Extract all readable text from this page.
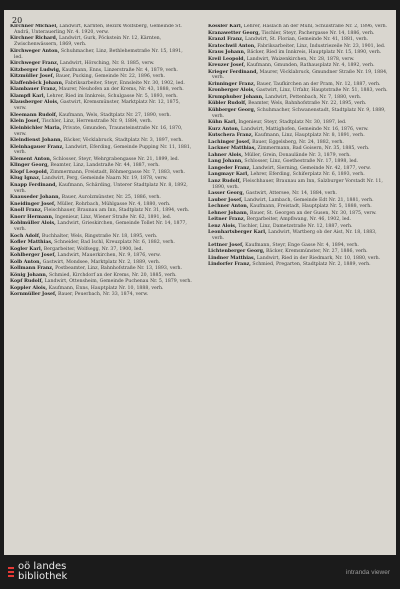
20

Kirchner Michael, Landwirt, Kärnten, Bezirk Wolfsberg, Gemeinde St. Andrä, Unterauerling Nr. 4. 1920, verw.

Kirchner Richard, Landwirt, Gurk, Pöckstein Nr. 12, Kärnten, Zwischenwässern, 1869, verh.

Kirchweger Anton, Schuhmacher, Linz, Bethlehemstraße Nr. 15, 1891, led.

Kirchweger Franz, Landwirt, Hörsching, Nr. 8. 1885, verw.

Kitzberger Ludwig, Kaufmann, Enns, Linzerstraße Nr. 4, 1879, verh.

Kitzmüller Josef, Bauer, Pucking, Gemeinde Nr. 22, 1896, verh.

Klaffenböck Johann, Fabriksarbeiter, Steyr, Ennsleite Nr. 30, 1902, led.

Klambauer Franz, Maurer, Neuhofen an der Krems, Nr. 43, 1888, verh.

Klampfl Karl, Lehrer, Ried im Innkreis, Schulgasse Nr. 5, 1893, verh.

Klausberger Alois, Gastwirt, Kremsmünster, Marktplatz Nr. 12, 1875, verw.

Kleemann Rudolf, Kaufmann, Wels, Stadtplatz Nr. 27, 1890, verh.

Klein Josef, Tischler, Linz, Herrenstraße Nr. 9, 1884, verh.

Kleinbichler Maria, Private, Gmunden, Traunsteinstraße Nr. 16, 1870, verw.

Kleindienst Johann, Bäcker, Vöcklabruck, Stadtplatz Nr. 3, 1897, verh.

Kleinhagauer Franz, Landwirt, Eferding, Gemeinde Pupping Nr. 11, 1881, verh.

Klement Anton, Schlosser, Steyr, Wehrgrabengasse Nr. 21, 1899, led.

Klinger Georg, Beamter, Linz, Landstraße Nr. 44, 1887, verh.

Klopf Leopold, Zimmermann, Freistadt, Böhmergasse Nr. 7, 1883, verh.

Klug Ignaz, Landwirt, Perg, Gemeinde Naarn Nr. 19, 1878, verw.

Knapp Ferdinand, Kaufmann, Schärding, Unterer Stadtplatz Nr. 8, 1892, verh.

Knauseder Johann, Bauer, Aurolzmünster, Nr. 25, 1886, verh.

Kneidinger Josef, Müller, Rohrbach, Mühlgasse Nr. 4, 1880, verh.

Knoll Franz, Fleischhauer, Braunau am Inn, Stadtplatz Nr. 31, 1894, verh.

Knorr Hermann, Ingenieur, Linz, Wiener Straße Nr. 62, 1891, led.

Koblmüller Alois, Landwirt, Grieskirchen, Gemeinde Tollet Nr. 14, 1877, verh.

Koch Adolf, Buchhalter, Wels, Ringstraße Nr. 18, 1895, verh.

Kofler Matthias, Schneider, Bad Ischl, Kreuzplatz Nr. 6, 1882, verh.

Kogler Karl, Bergarbeiter, Wolfsegg, Nr. 37, 1900, led.

Kohlberger Josef, Landwirt, Mauerkirchen, Nr. 9, 1876, verw.

Kolb Anton, Gastwirt, Mondsee, Marktplatz Nr. 2, 1889, verh.

Kollmann Franz, Postbeamter, Linz, Bahnhofstraße Nr. 13, 1893, verh.

König Johann, Schmied, Kirchdorf an der Krems, Nr. 20, 1885, verh.

Kopf Rudolf, Landwirt, Ottensheim, Gemeinde Puchenau Nr. 5, 1879, verh.

Koppler Alois, Kaufmann, Enns, Hauptplatz Nr. 10, 1888, verh.

Kornmüller Josef, Bauer, Peuerbach, Nr. 33, 1874, verw.

Kössler Karl, Lehrer, Haslach an der Mühl, Schulstraße Nr. 2, 1896, verh.

Kranawetter Georg, Tischler, Steyr, Pachergasse Nr. 14, 1886, verh.

Kranzl Franz, Landwirt, St. Florian, Gemeinde Nr. 41, 1881, verh.

Kratochwil Anton, Fabriksarbeiter, Linz, Industriezeile Nr. 23, 1901, led.

Kraus Johann, Bäcker, Ried im Innkreis, Hauptplatz Nr. 15, 1890, verh.

Kreil Leopold, Landwirt, Waizenkirchen, Nr. 28, 1878, verw.

Kreuzer Josef, Kaufmann, Gmunden, Rathausplatz Nr. 4, 1892, verh.

Krieger Ferdinand, Maurer, Vöcklabruck, Gmundner Straße Nr. 19, 1884, verh.

Krinninger Franz, Bauer, Taufkirchen an der Pram, Nr. 12, 1887, verh.

Kronberger Alois, Gastwirt, Linz, Urfahr, Hauptstraße Nr. 51, 1883, verh.

Krumphuber Johann, Landwirt, Pettenbach, Nr. 7, 1880, verh.

Kübler Rudolf, Beamter, Wels, Bahnhofstraße Nr. 22, 1895, verh.

Kühberger Georg, Schuhmacher, Schwanenstadt, Stadtplatz Nr. 9, 1889, verh.

Kühn Karl, Ingenieur, Steyr, Stadtplatz Nr. 30, 1897, led.

Kurz Anton, Landwirt, Mattighofen, Gemeinde Nr. 16, 1876, verw.

Kutschera Franz, Kaufmann, Linz, Hauptplatz Nr. 8, 1891, verh.

Lachinger Josef, Bauer, Eggelsberg, Nr. 24, 1882, verh.

Lackner Matthias, Zimmermann, Bad Goisern, Nr. 35, 1885, verh.

Lahner Alois, Müller, Grein, Donaulände Nr. 3, 1879, verh.

Lang Johann, Schlosser, Linz, Goethestraße Nr. 17, 1898, led.

Langeder Franz, Landwirt, Sierning, Gemeinde Nr. 42, 1877, verw.

Langmayr Karl, Lehrer, Eferding, Schiferplatz Nr. 6, 1893, verh.

Lanz Rudolf, Fleischhauer, Braunau am Inn, Salzburger Vorstadt Nr. 11, 1890, verh.

Lasser Georg, Gastwirt, Attersee, Nr. 14, 1884, verh.

Lauber Josef, Landwirt, Lambach, Gemeinde Edt Nr. 21, 1881, verh.

Lechner Anton, Kaufmann, Freistadt, Hauptplatz Nr. 5, 1888, verh.

Lehner Johann, Bauer, St. Georgen an der Gusen, Nr. 30, 1875, verw.

Leitner Franz, Bergarbeiter, Ampflwang, Nr. 46, 1902, led.

Lenz Alois, Tischler, Linz, Dametzstraße Nr. 12, 1887, verh.

Leonhartsberger Karl, Landwirt, Wartberg ob der Aist, Nr. 18, 1883, verh.

Lettner Josef, Kaufmann, Steyr, Enge Gasse Nr. 4, 1894, verh.

Lichtenberger Georg, Bäcker, Kremsmünster, Nr. 27, 1886, verh.

Lindner Matthias, Landwirt, Ried in der Riedmark, Nr. 10, 1880, verh.

Lindorfer Franz, Schmied, Pregarten, Stadtplatz Nr. 2, 1889, verh.

oö landes
bibliothek	intranda viewer
